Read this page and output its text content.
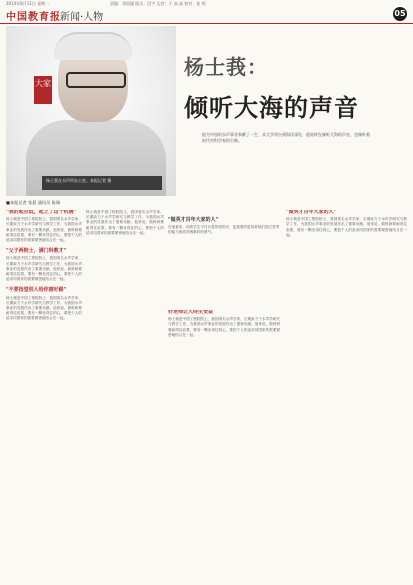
2014年8月11日 星期一	责编：刘雨涵 版式：段宇 运营：于 高 高 校对：张 明
中国教育报 新闻·人物	05
杨士莪在水声所办公室。本报记者 摄
大家
杨士莪：
倾听大海的声音
他为中国的水声事业奉献了一生，从大学讲台到海洋深处，他始终在倾听大海的声音，也倾听着时代对科学家的召唤。
■本报记者 张晨 通讯员 陈瑞
"我的起点低，起上了这个机遇"
杨士莪是中国工程院院士，我国著名水声学家，长期致力于水声学研究与教学工作，为我国水声事业的发展作出了重要贡献。他常说，做科研要耐得住寂寞，要有一颗坐得住的心，要把个人的追求同国家的需要紧密地结合在一起。
"父子两院士，满门科教才"
杨士莪是中国工程院院士，我国著名水声学家，长期致力于水声学研究与教学工作，为我国水声事业的发展作出了重要贡献。他常说，做科研要耐得住寂寞，要有一颗坐得住的心，要把个人的追求同国家的需要紧密地结合在一起。
"不要指望别人给你画好路"
杨士莪是中国工程院院士，我国著名水声学家，长期致力于水声学研究与教学工作，为我国水声事业的发展作出了重要贡献。他常说，做科研要耐得住寂寞，要有一颗坐得住的心，要把个人的追求同国家的需要紧密地结合在一起。
杨士莪是中国工程院院士，我国著名水声学家，长期致力于水声学研究与教学工作，为我国水声事业的发展作出了重要贡献。他常说，做科研要耐得住寂寞，要有一颗坐得住的心，要把个人的追求同国家的需要紧密地结合在一起。
"做英才百年大家的人"
在他看来，培养学生不仅仅是传授知识，更重要的是培养他们独立思考的能力和面对困难时的勇气。
好老师让人终生受益
杨士莪是中国工程院院士，我国著名水声学家，长期致力于水声学研究与教学工作，为我国水声事业的发展作出了重要贡献。他常说，做科研要耐得住寂寞，要有一颗坐得住的心，要把个人的追求同国家的需要紧密地结合在一起。
"做英才百年大家的人"
杨士莪是中国工程院院士，我国著名水声学家，长期致力于水声学研究与教学工作，为我国水声事业的发展作出了重要贡献。他常说，做科研要耐得住寂寞，要有一颗坐得住的心，要把个人的追求同国家的需要紧密地结合在一起。
